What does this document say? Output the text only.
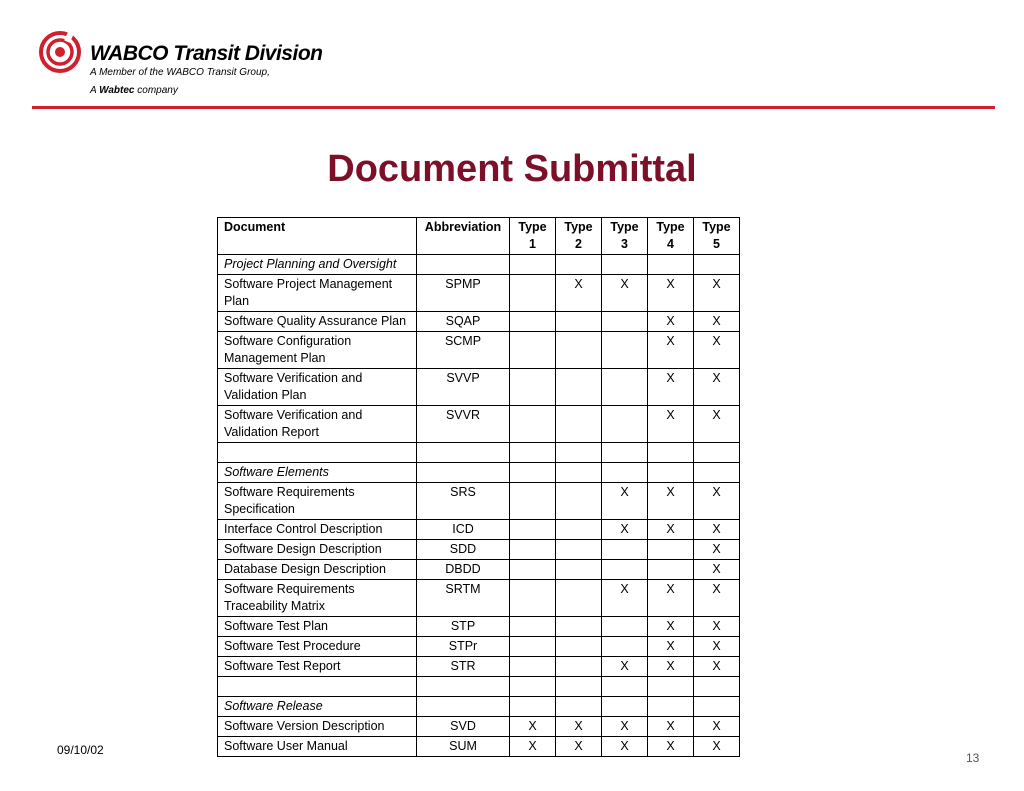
WABCO Transit Division
A Member of the WABCO Transit Group,
A Wabtec company
Document Submittal
Document	Abbreviation	Type 1	Type 2	Type 3	Type 4	Type 5
Project Planning and Oversight						
Software Project Management Plan	SPMP		X	X	X	X
Software Quality Assurance Plan	SQAP				X	X
Software Configuration Management Plan	SCMP				X	X
Software Verification and Validation Plan	SVVP				X	X
Software Verification and Validation Report	SVVR				X	X

Software Elements						
Software Requirements Specification	SRS			X	X	X
Interface Control Description	ICD			X	X	X
Software Design Description	SDD					X
Database Design Description	DBDD					X
Software Requirements Traceability Matrix	SRTM			X	X	X
Software Test Plan	STP				X	X
Software Test Procedure	STPr				X	X
Software Test Report	STR			X	X	X

Software Release						
Software Version Description	SVD	X	X	X	X	X
Software User Manual	SUM	X	X	X	X	X
09/10/02
13
